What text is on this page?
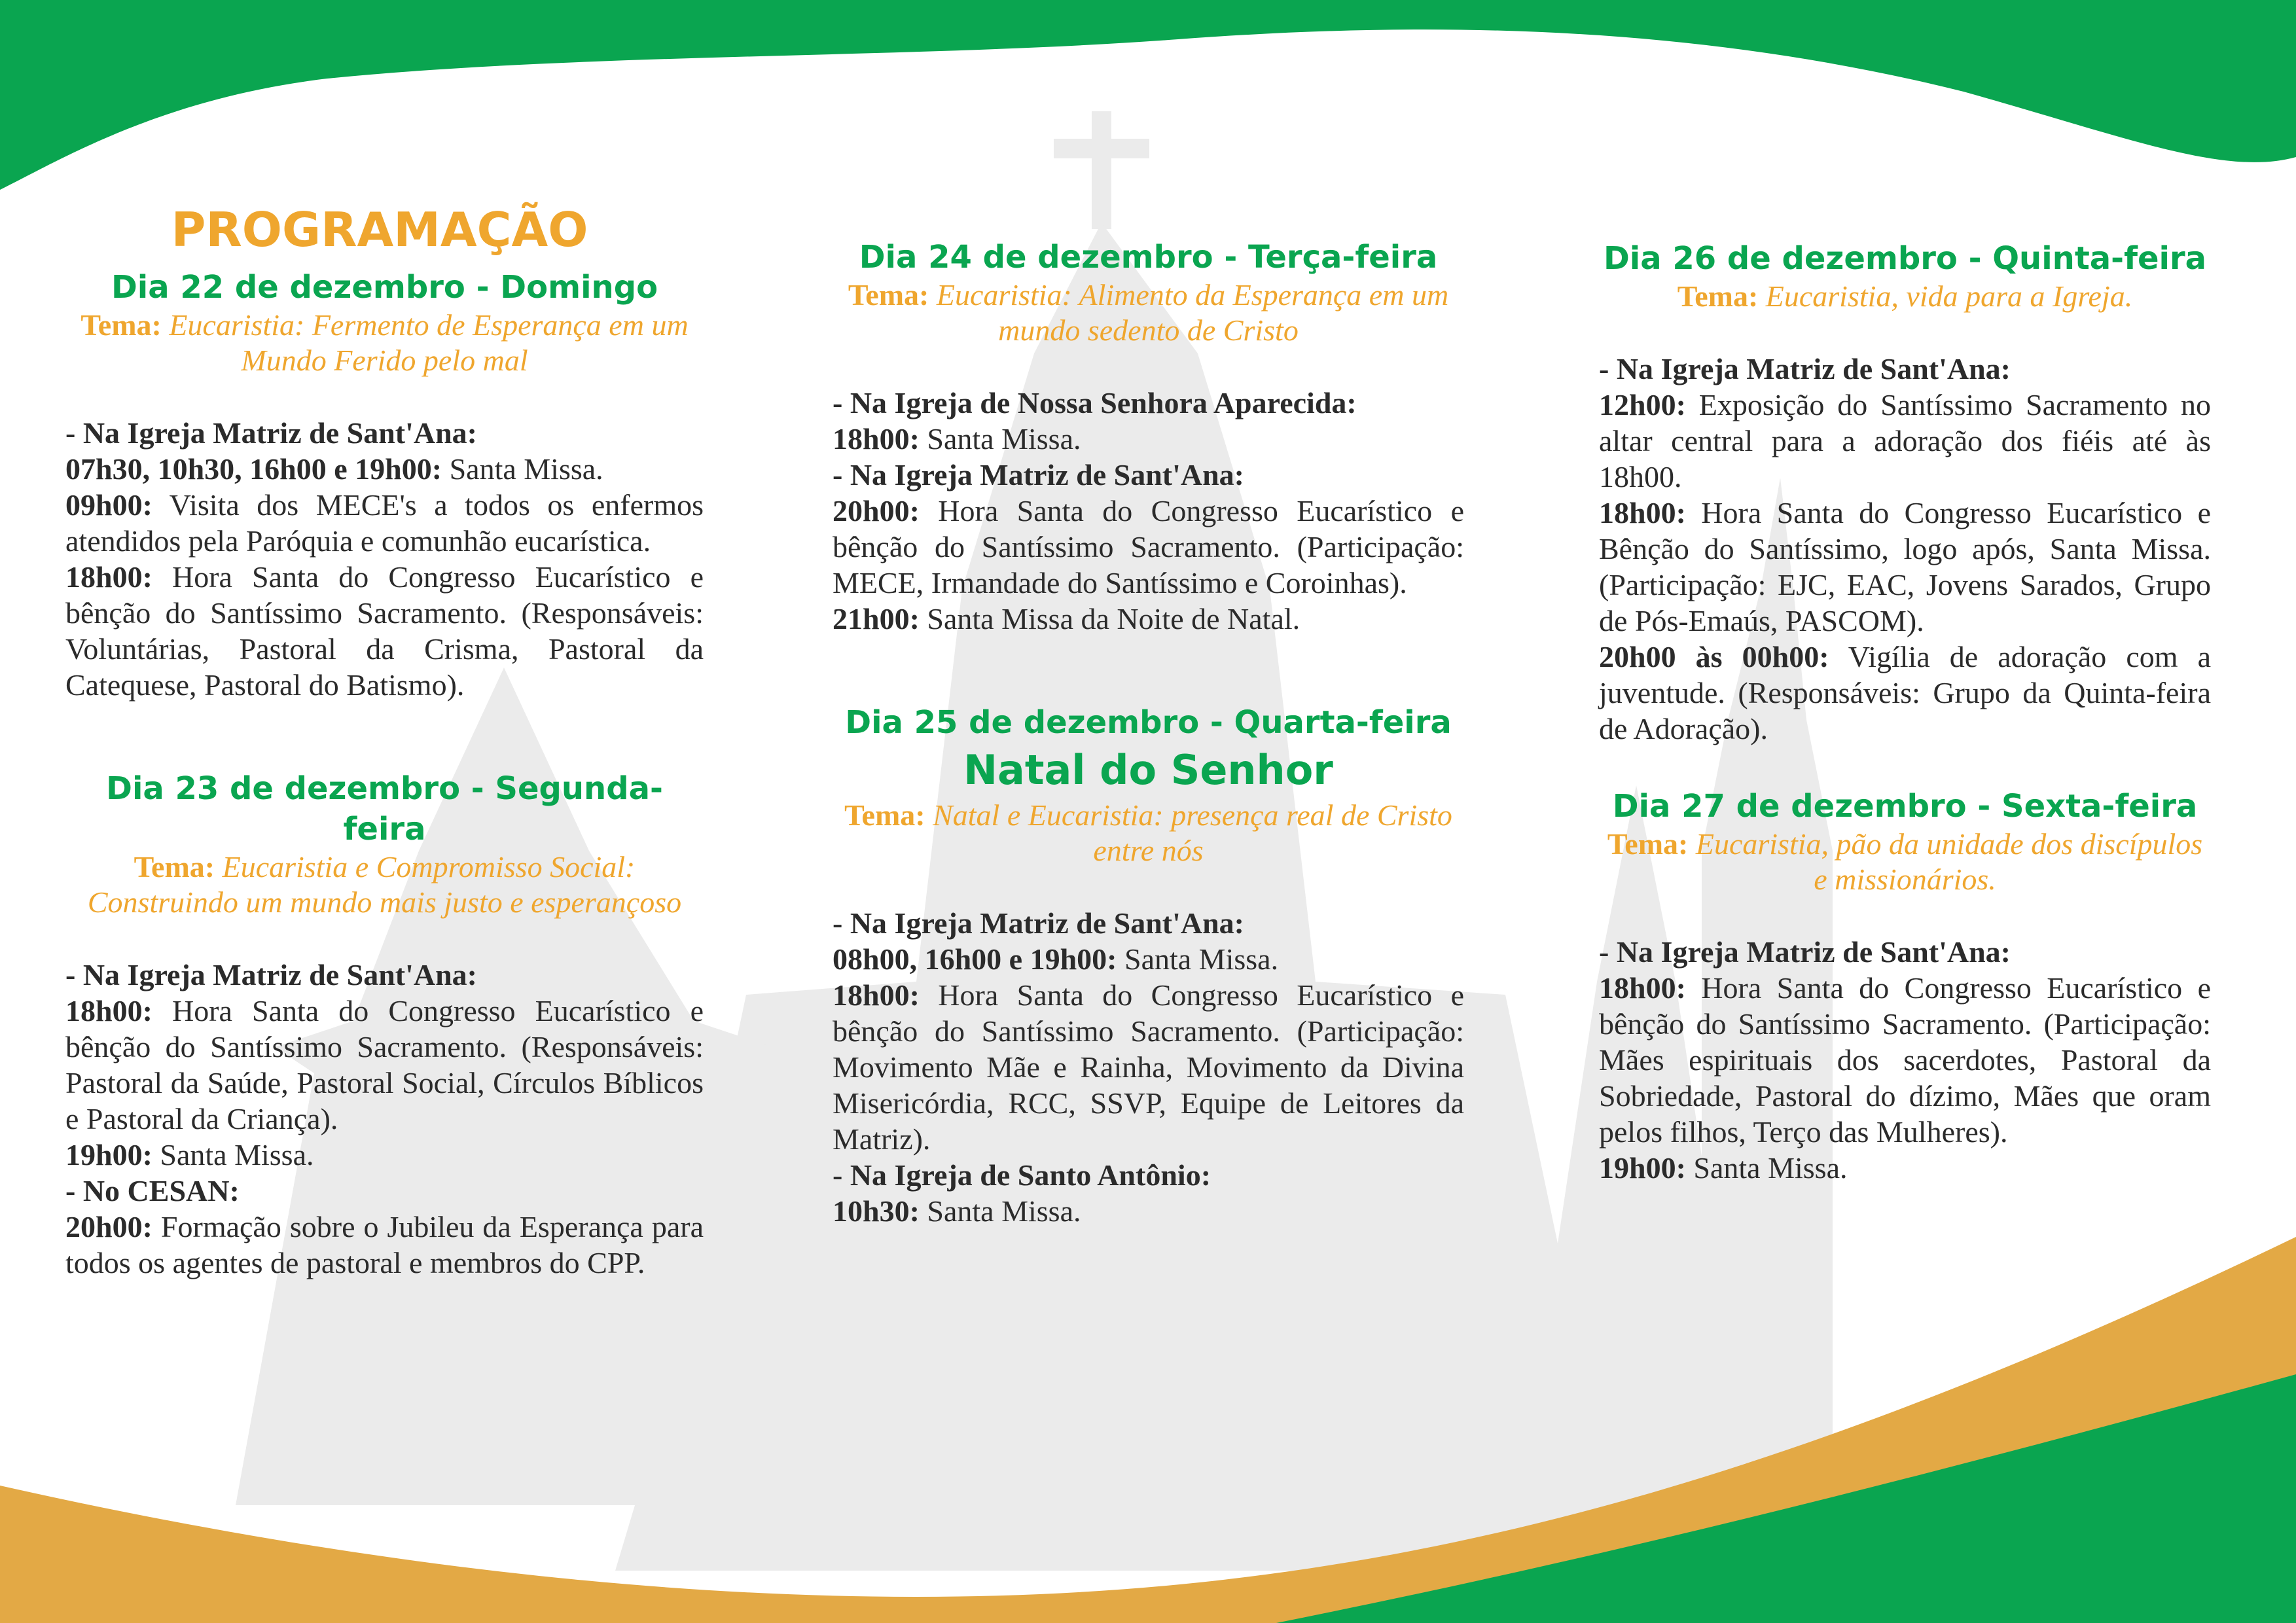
PROGRAMAÇÃO
Dia 22 de dezembro - Domingo
Tema: Eucaristia: Fermento de Esperança em um Mundo Ferido pelo mal
- Na Igreja Matriz de Sant'Ana:
07h30, 10h30, 16h00 e 19h00: Santa Missa.
09h00: Visita dos MECE's a todos os enfermos atendidos pela Paróquia e comunhão eucarística.
18h00: Hora Santa do Congresso Eucarístico e bênção do Santíssimo Sacramento. (Responsáveis: Voluntárias, Pastoral da Crisma, Pastoral da Catequese, Pastoral do Batismo).
Dia 23 de dezembro - Segunda-feira
Tema: Eucaristia e Compromisso Social: Construindo um mundo mais justo e esperançoso
- Na Igreja Matriz de Sant'Ana:
18h00: Hora Santa do Congresso Eucarístico e bênção do Santíssimo Sacramento. (Responsáveis: Pastoral da Saúde, Pastoral Social, Círculos Bíblicos e Pastoral da Criança).
19h00: Santa Missa.
- No CESAN:
20h00: Formação sobre o Jubileu da Esperança para todos os agentes de pastoral e membros do CPP.
Dia 24 de dezembro - Terça-feira
Tema: Eucaristia: Alimento da Esperança em um mundo sedento de Cristo
- Na Igreja de Nossa Senhora Aparecida:
18h00: Santa Missa.
- Na Igreja Matriz de Sant'Ana:
20h00: Hora Santa do Congresso Eucarístico e bênção do Santíssimo Sacramento. (Participação: MECE, Irmandade do Santíssimo e Coroinhas).
21h00: Santa Missa da Noite de Natal.
Dia 25 de dezembro - Quarta-feira
Natal do Senhor
Tema: Natal e Eucaristia: presença real de Cristo entre nós
- Na Igreja Matriz de Sant'Ana:
08h00, 16h00 e 19h00: Santa Missa.
18h00: Hora Santa do Congresso Eucarístico e bênção do Santíssimo Sacramento. (Participação: Movimento Mãe e Rainha, Movimento da Divina Misericórdia, RCC, SSVP, Equipe de Leitores da Matriz).
- Na Igreja de Santo Antônio:
10h30: Santa Missa.
Dia 26 de dezembro - Quinta-feira
Tema: Eucaristia, vida para a Igreja.
- Na Igreja Matriz de Sant'Ana:
12h00: Exposição do Santíssimo Sacramento no altar central para a adoração dos fiéis até às 18h00.
18h00: Hora Santa do Congresso Eucarístico e Bênção do Santíssimo, logo após, Santa Missa. (Participação: EJC, EAC, Jovens Sarados, Grupo de Pós-Emaús, PASCOM).
20h00 às 00h00: Vigília de adoração com a juventude. (Responsáveis: Grupo da Quinta-feira de Adoração).
Dia 27 de dezembro - Sexta-feira
Tema: Eucaristia, pão da unidade dos discípulos e missionários.
- Na Igreja Matriz de Sant'Ana:
18h00: Hora Santa do Congresso Eucarístico e bênção do Santíssimo Sacramento. (Participação: Mães espirituais dos sacerdotes, Pastoral da Sobriedade, Pastoral do dízimo, Mães que oram pelos filhos, Terço das Mulheres).
19h00: Santa Missa.
